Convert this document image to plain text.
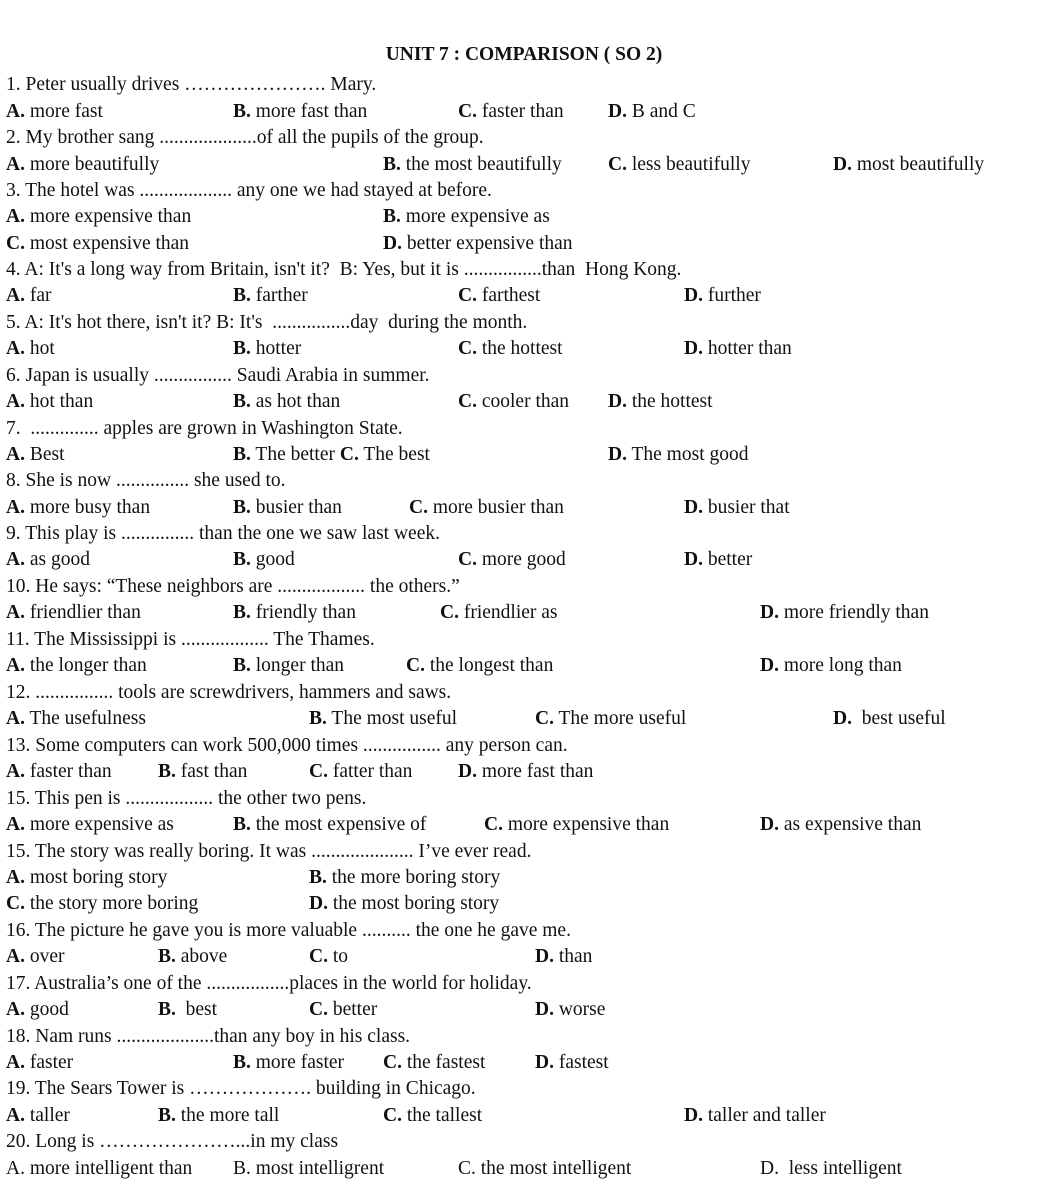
UNIT 7 : COMPARISON ( SO 2)
1. Peter usually drives …………………. Mary.
A. more fast	B. more fast than	C. faster than D. B and C
2. My brother sang ....................of all the pupils of the group.
A. more beautifully	B. the most beautifully C. less beautifully	D. most beautifully
3. The hotel was ................... any one we had stayed at before.
A. more expensive than	B. more expensive as
C. most expensive than	D. better expensive than
4. A: It's a long way from Britain, isn't it?  B: Yes, but it is ................than  Hong Kong.
A. far	B. farther	C. farthest	D. further
5. A: It's hot there, isn't it? B: It's  ................day  during the month.
A. hot	B. hotter	C. the hottest	D. hotter than
6. Japan is usually ................ Saudi Arabia in summer.
A. hot than	B. as hot than	C. cooler than D. the hottest
7.  .............. apples are grown in Washington State.
A. Best	B. The better C. The best	D. The most good
8. She is now ............... she used to.
A. more busy than	B. busier than	C. more busier than	D. busier that
9. This play is ............... than the one we saw last week.
A. as good	B. good	C. more good	D. better
10. He says: “These neighbors are .................. the others.”
A. friendlier than	B. friendly than	C. friendlier as	D. more friendly than
11. The Mississippi is .................. The Thames.
A. the longer than	B. longer than	C. the longest than	D. more long than
12. ................ tools are screwdrivers, hammers and saws.
A. The usefulness	B. The most useful	C. The more useful	D.  best useful
13. Some computers can work 500,000 times ................ any person can.
A. faster than B. fast than	C. fatter than D. more fast than
15. This pen is .................. the other two pens.
A. more expensive as	B. the most expensive of	C. more expensive than	D. as expensive than
15. The story was really boring. It was ..................... I’ve ever read.
A. most boring story	B. the more boring story
C. the story more boring	D. the most boring story
16. The picture he gave you is more valuable .......... the one he gave me.
A. over	B. above	C. to	D. than
17. Australia’s one of the .................places in the world for holiday.
A. good	B.  best	C. better	D. worse
18. Nam runs ....................than any boy in his class.
A. faster	B. more faster C. the fastest	D. fastest
19. The Sears Tower is ………………. building in Chicago.
A. taller	B. the more tall	C. the tallest	D. taller and taller
20. Long is …………………...in my class
A. more intelligent than B. most intelligrent	C. the most intelligent	D.  less intelligent
